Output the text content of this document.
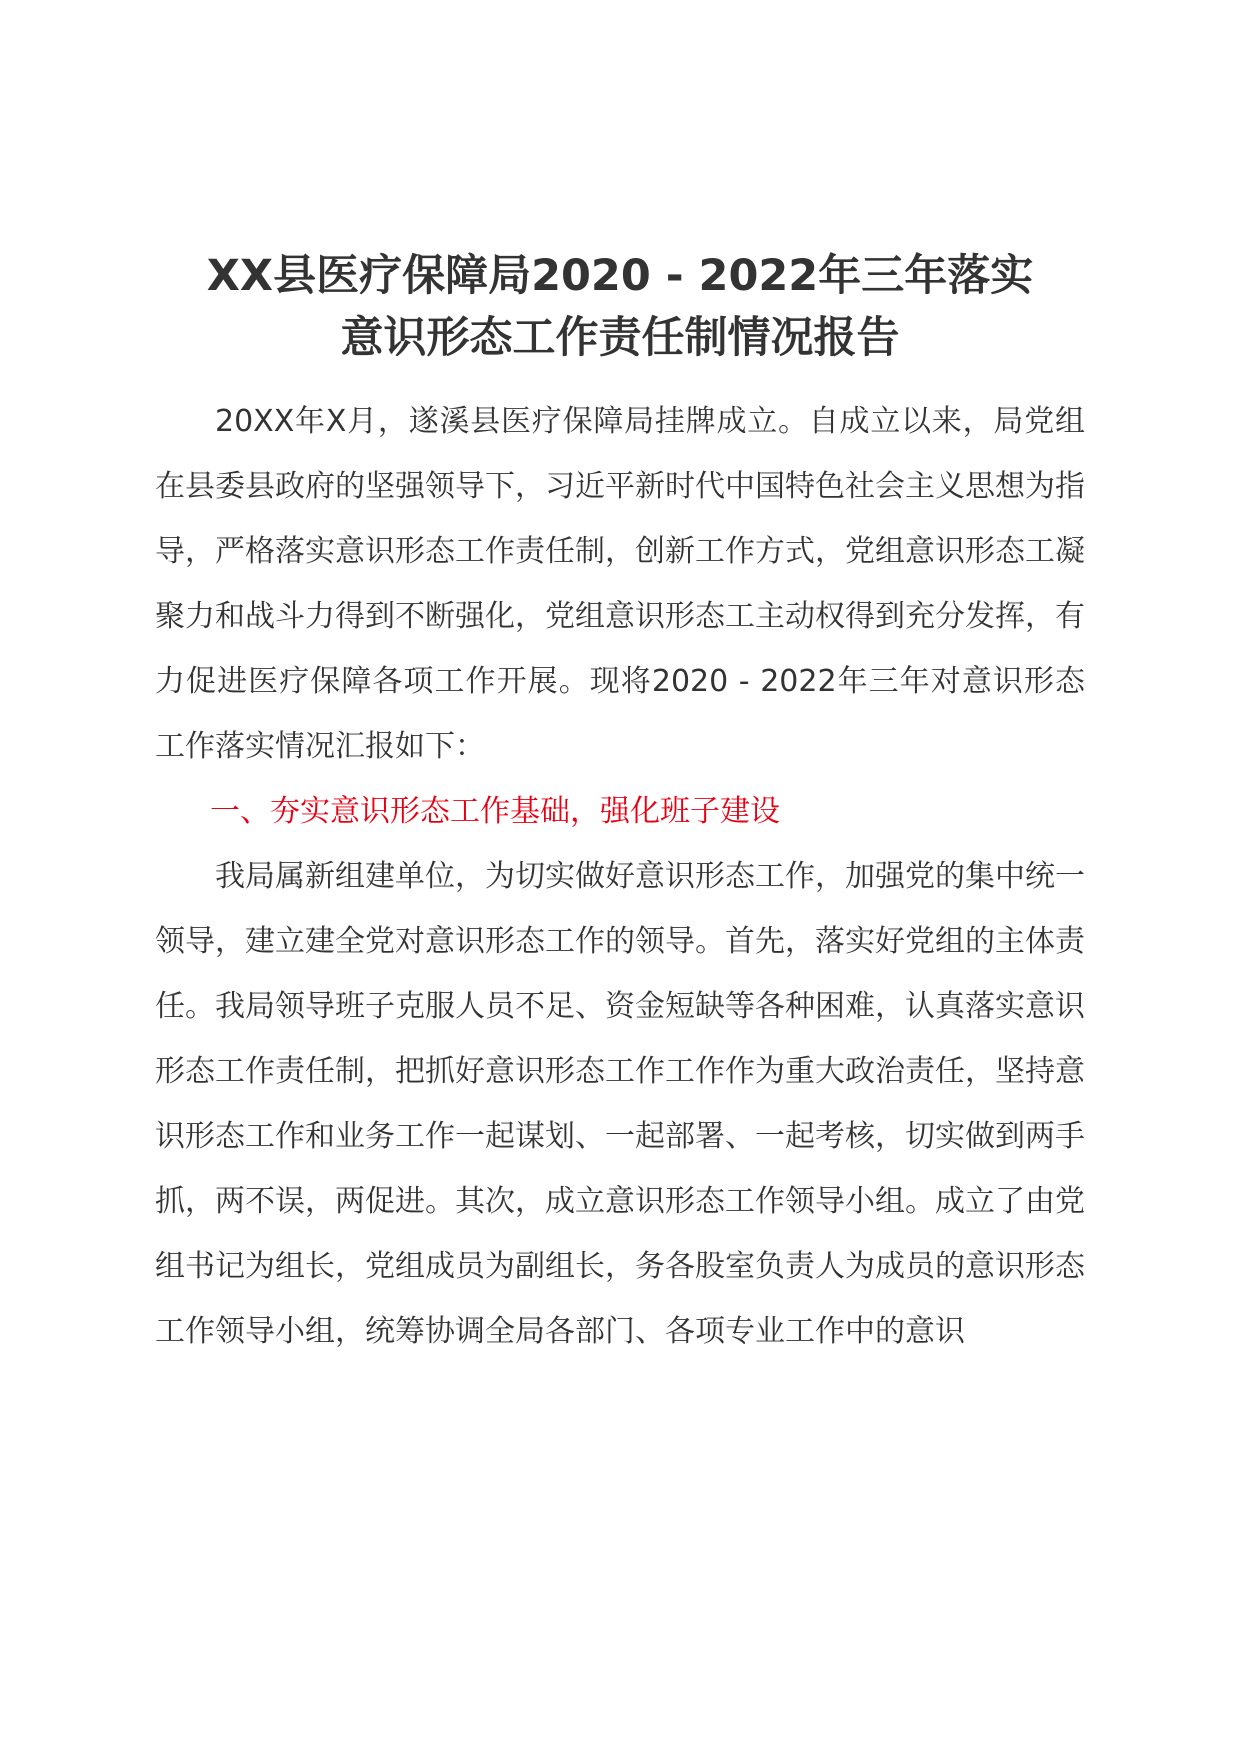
XX县医疗保障局2020 - 2022年三年落实
意识形态工作责任制情况报告

20XX年X月，遂溪县医疗保障局挂牌成立。自成立以来，局党组在县委县政府的坚强领导下，习近平新时代中国特色社会主义思想为指导，严格落实意识形态工作责任制，创新工作方式，党组意识形态工凝聚力和战斗力得到不断强化，党组意识形态工主动权得到充分发挥，有力促进医疗保障各项工作开展。现将2020 - 2022年三年对意识形态工作落实情况汇报如下：

一、夯实意识形态工作基础，强化班子建设

我局属新组建单位，为切实做好意识形态工作，加强党的集中统一领导，建立建全党对意识形态工作的领导。首先，落实好党组的主体责任。我局领导班子克服人员不足、资金短缺等各种困难，认真落实意识形态工作责任制，把抓好意识形态工作工作作为重大政治责任，坚持意识形态工作和业务工作一起谋划、一起部署、一起考核，切实做到两手抓，两不误，两促进。其次，成立意识形态工作领导小组。成立了由党组书记为组长，党组成员为副组长，务各股室负责人为成员的意识形态工作领导小组，统筹协调全局各部门、各项专业工作中的意识
